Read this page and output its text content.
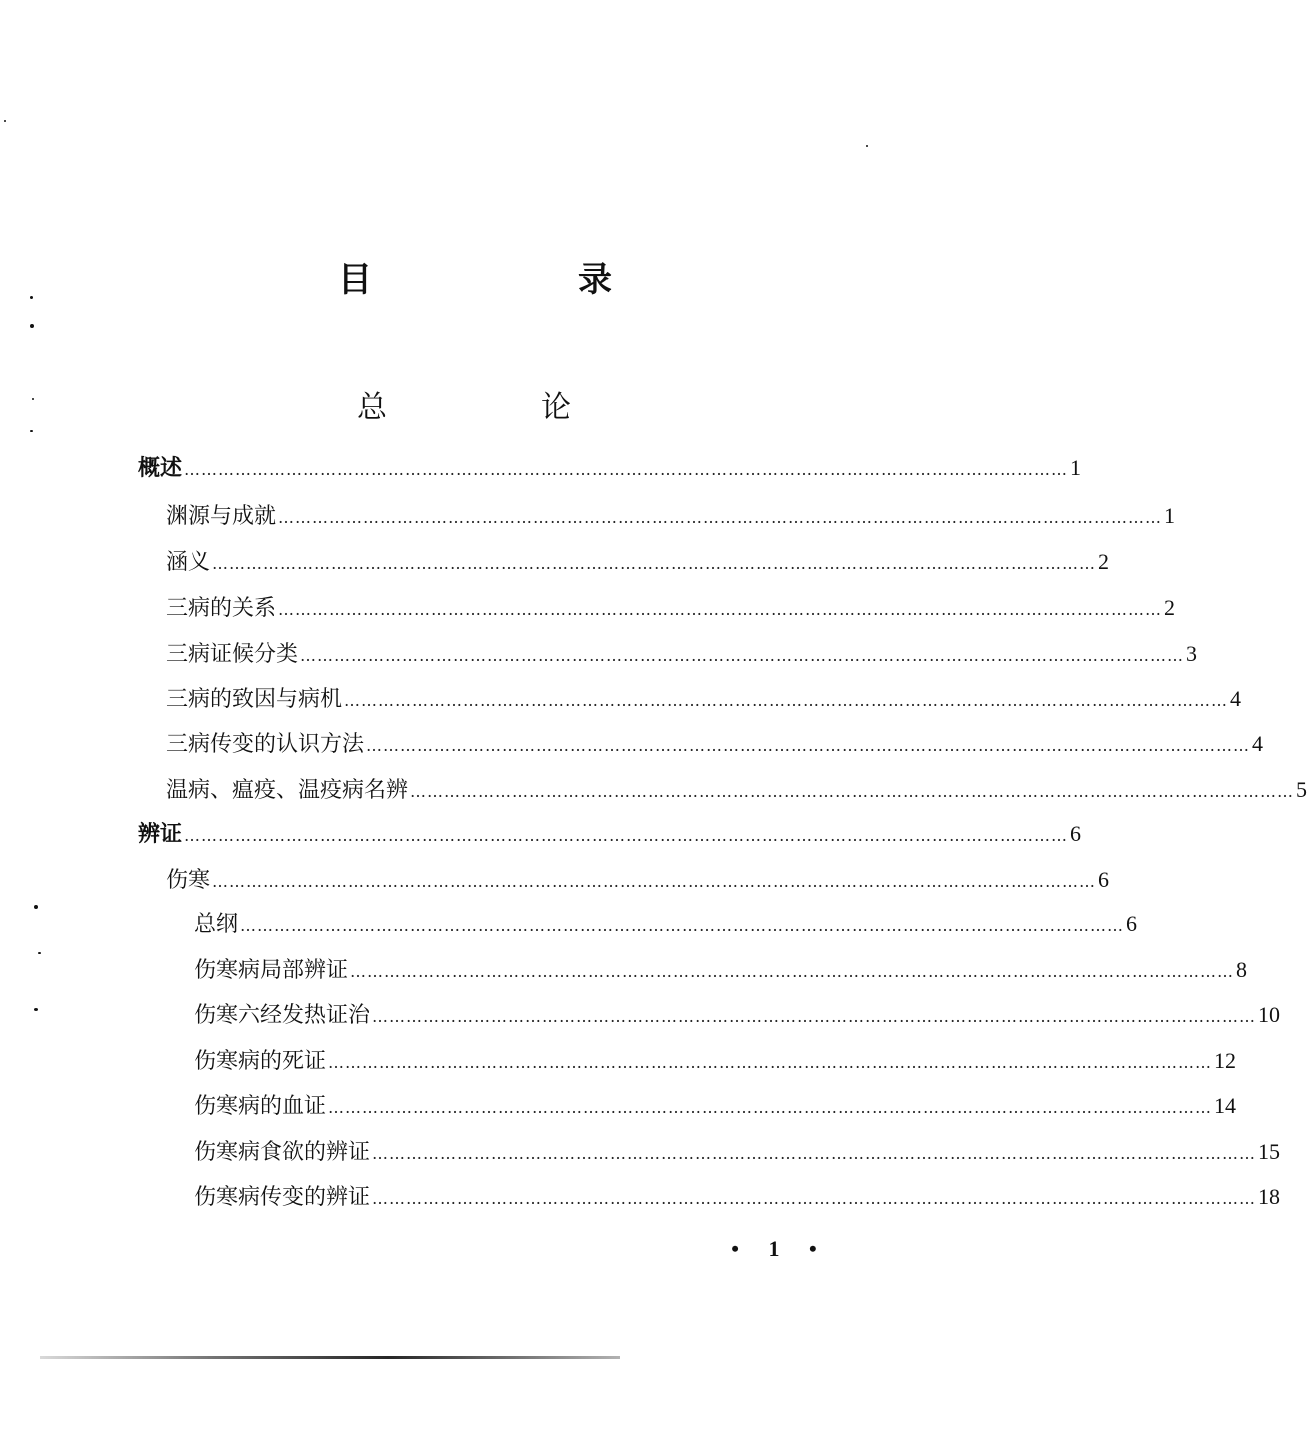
目　录
总　论
概述 ………………………………………………………………………………………………………………………………………… 1
渊源与成就 ………………………………………………………………………………………………………………………………………… 1
涵义 ………………………………………………………………………………………………………………………………………… 2
三病的关系 ………………………………………………………………………………………………………………………………………… 2
三病证候分类 ………………………………………………………………………………………………………………………………………… 3
三病的致因与病机 ………………………………………………………………………………………………………………………………………… 4
三病传变的认识方法 ………………………………………………………………………………………………………………………………………… 4
温病、瘟疫、温疫病名辨 ………………………………………………………………………………………………………………………………………… 5
辨证 ………………………………………………………………………………………………………………………………………… 6
伤寒 ………………………………………………………………………………………………………………………………………… 6
总纲 ………………………………………………………………………………………………………………………………………… 6
伤寒病局部辨证 ………………………………………………………………………………………………………………………………………… 8
伤寒六经发热证治 ………………………………………………………………………………………………………………………………………… 10
伤寒病的死证 ………………………………………………………………………………………………………………………………………… 12
伤寒病的血证 ………………………………………………………………………………………………………………………………………… 14
伤寒病食欲的辨证 ………………………………………………………………………………………………………………………………………… 15
伤寒病传变的辨证 ………………………………………………………………………………………………………………………………………… 18
• 1 •
